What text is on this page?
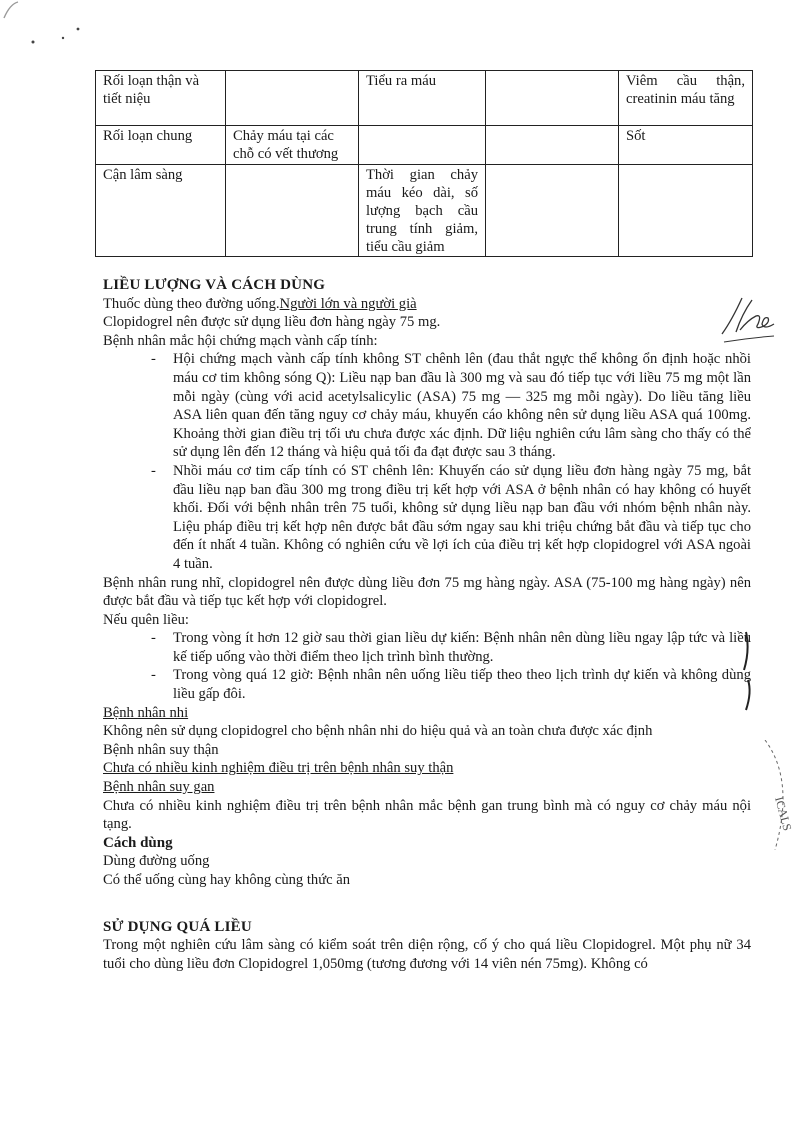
Rối loạn thận và tiết niệu		Tiểu ra máu		Viêm cầu thận, creatinin máu tăng
Rối loạn chung	Chảy máu tại các chỗ có vết thương			Sốt
Cận lâm sàng		Thời gian chảy máu kéo dài, số lượng bạch cầu trung tính giảm, tiểu cầu giảm		

LIỀU LƯỢNG VÀ CÁCH DÙNG

Thuốc dùng theo đường uống.Người lớn và người già

Clopidogrel nên được sử dụng liều đơn hàng ngày 75 mg.

Bệnh nhân mắc hội chứng mạch vành cấp tính:

- Hội chứng mạch vành cấp tính không ST chênh lên (đau thắt ngực thể không ổn định hoặc nhồi máu cơ tim không sóng Q): Liều nạp ban đầu là 300 mg và sau đó tiếp tục với liều 75 mg một lần mỗi ngày (cùng với acid acetylsalicylic (ASA) 75 mg — 325 mg mỗi ngày). Do liều tăng liều ASA liên quan đến tăng nguy cơ chảy máu, khuyến cáo không nên sử dụng liều ASA quá 100mg. Khoảng thời gian điều trị tối ưu chưa được xác định. Dữ liệu nghiên cứu lâm sàng cho thấy có thể sử dụng lên đến 12 tháng và hiệu quả tối đa đạt được sau 3 tháng.
- Nhồi máu cơ tim cấp tính có ST chênh lên: Khuyến cáo sử dụng liều đơn hàng ngày 75 mg, bắt đầu liều nạp ban đầu 300 mg trong điều trị kết hợp với ASA ở bệnh nhân có hay không có huyết khối. Đối với bệnh nhân trên 75 tuổi, không sử dụng liều nạp ban đầu với nhóm bệnh nhân này. Liệu pháp điều trị kết hợp nên được bắt đầu sớm ngay sau khi triệu chứng bắt đầu và tiếp tục cho đến ít nhất 4 tuần. Không có nghiên cứu về lợi ích của điều trị kết hợp clopidogrel với ASA ngoài 4 tuần.

Bệnh nhân rung nhĩ, clopidogrel nên được dùng liều đơn 75 mg hàng ngày. ASA (75-100 mg hàng ngày) nên được bắt đầu và tiếp tục kết hợp với clopidogrel.

Nếu quên liều:

- Trong vòng ít hơn 12 giờ sau thời gian liều dự kiến: Bệnh nhân nên dùng liều ngay lập tức và liều kế tiếp uống vào thời điểm theo lịch trình bình thường.
- Trong vòng quá 12 giờ: Bệnh nhân nên uống liều tiếp theo theo lịch trình dự kiến và không dùng liều gấp đôi.

Bệnh nhân nhi

Không nên sử dụng clopidogrel cho bệnh nhân nhi do hiệu quả và an toàn chưa được xác định

Bệnh nhân suy thận

Chưa có nhiều kinh nghiệm điều trị trên bệnh nhân suy thận

Bệnh nhân suy gan

Chưa có nhiều kinh nghiệm điều trị trên bệnh nhân mắc bệnh gan trung bình mà có nguy cơ chảy máu nội tạng.

Cách dùng

Dùng đường uống

Có thể uống cùng hay không cùng thức ăn

SỬ DỤNG QUÁ LIỀU

Trong một nghiên cứu lâm sàng có kiểm soát trên diện rộng, cố ý cho quá liều Clopidogrel. Một phụ nữ 34 tuổi cho dùng liều đơn Clopidogrel 1,050mg (tương đương với 14 viên nén 75mg). Không có

ICALS
